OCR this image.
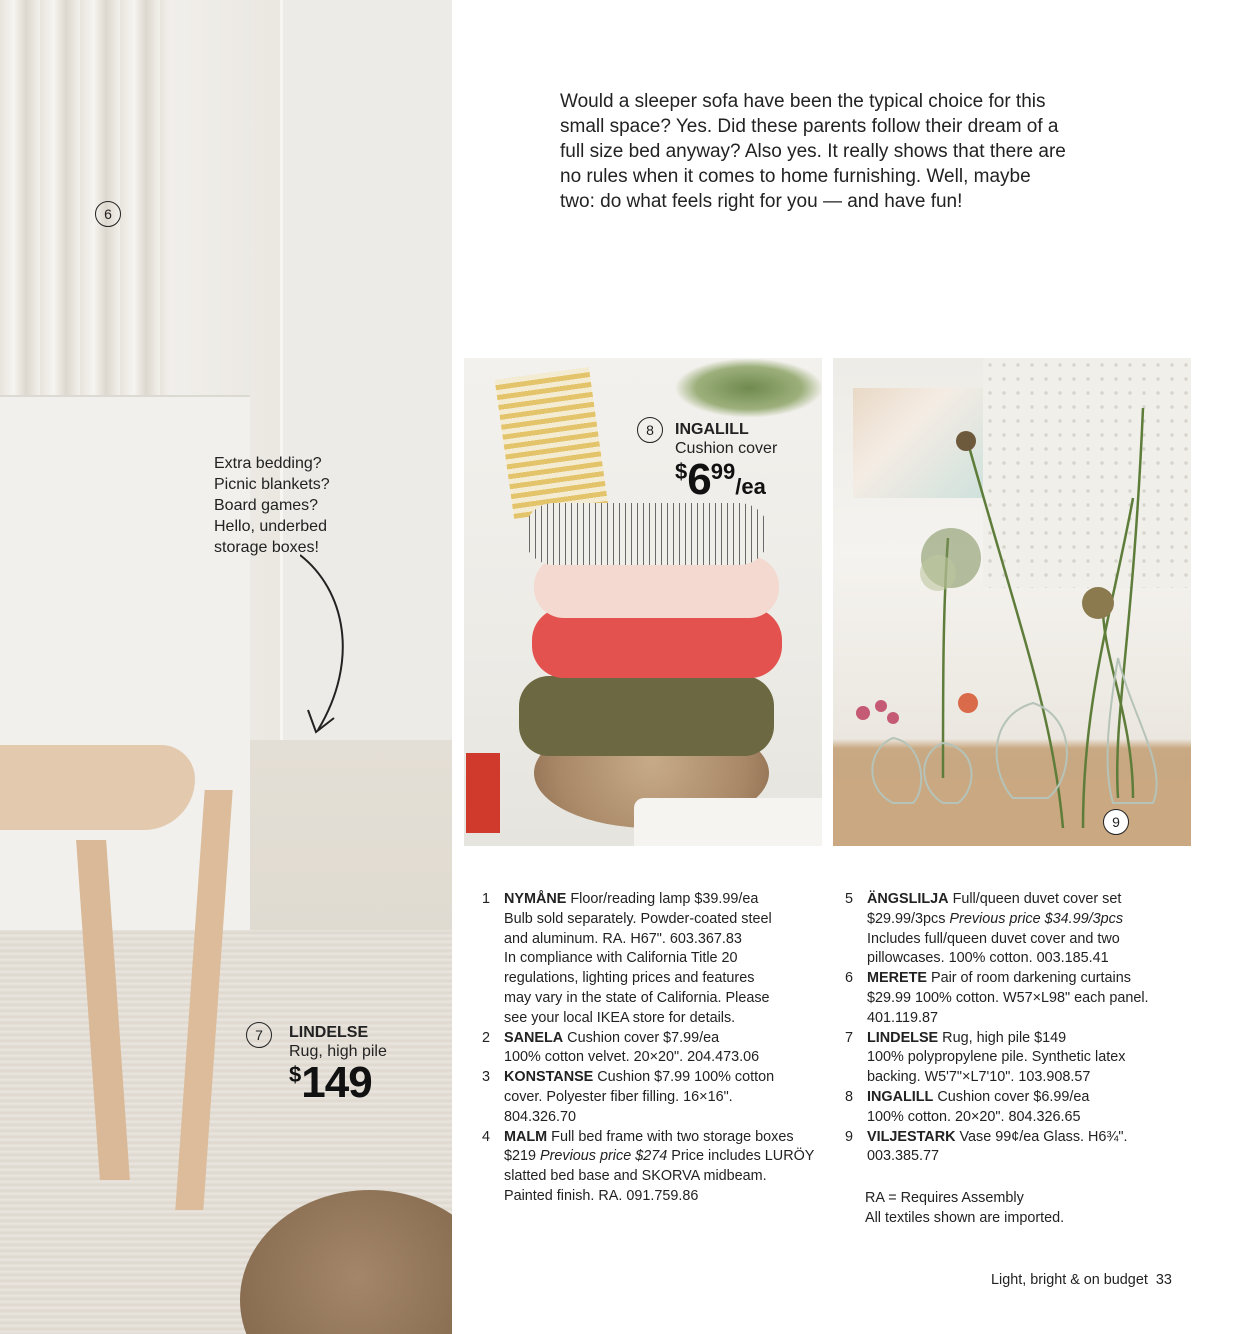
6
Extra bedding?
Picnic blankets?
Board games?
Hello, underbed
storage boxes!
7	LINDELSE
Rug, high pile
$149
Would a sleeper sofa have been the typical choice for this
small space? Yes. Did these parents follow their dream of a
full size bed anyway? Also yes. It really shows that there are
no rules when it comes to home furnishing. Well, maybe
two: do what feels right for you — and have fun!
8	INGALILL
Cushion cover
$699/ea
9
1 NYMÅNE Floor/reading lamp $39.99/ea
Bulb sold separately. Powder-coated steel
and aluminum. RA. H67". 603.367.83
In compliance with California Title 20
regulations, lighting prices and features
may vary in the state of California. Please
see your local IKEA store for details.
2 SANELA Cushion cover $7.99/ea
100% cotton velvet. 20×20". 204.473.06
3 KONSTANSE Cushion $7.99 100% cotton
cover. Polyester fiber filling. 16×16".
804.326.70
4 MALM Full bed frame with two storage boxes
$219 Previous price $274 Price includes LURÖY
slatted bed base and SKORVA midbeam.
Painted finish. RA. 091.759.86
5 ÄNGSLILJA Full/queen duvet cover set
$29.99/3pcs Previous price $34.99/3pcs
Includes full/queen duvet cover and two
pillowcases. 100% cotton. 003.185.41
6 MERETE Pair of room darkening curtains
$29.99 100% cotton. W57×L98" each panel.
401.119.87
7 LINDELSE Rug, high pile $149
100% polypropylene pile. Synthetic latex
backing. W5'7"×L7'10". 103.908.57
8 INGALILL Cushion cover $6.99/ea
100% cotton. 20×20". 804.326.65
9 VILJESTARK Vase 99¢/ea Glass. H6¾".
003.385.77
RA = Requires Assembly
All textiles shown are imported.
Light, bright & on budget 33
